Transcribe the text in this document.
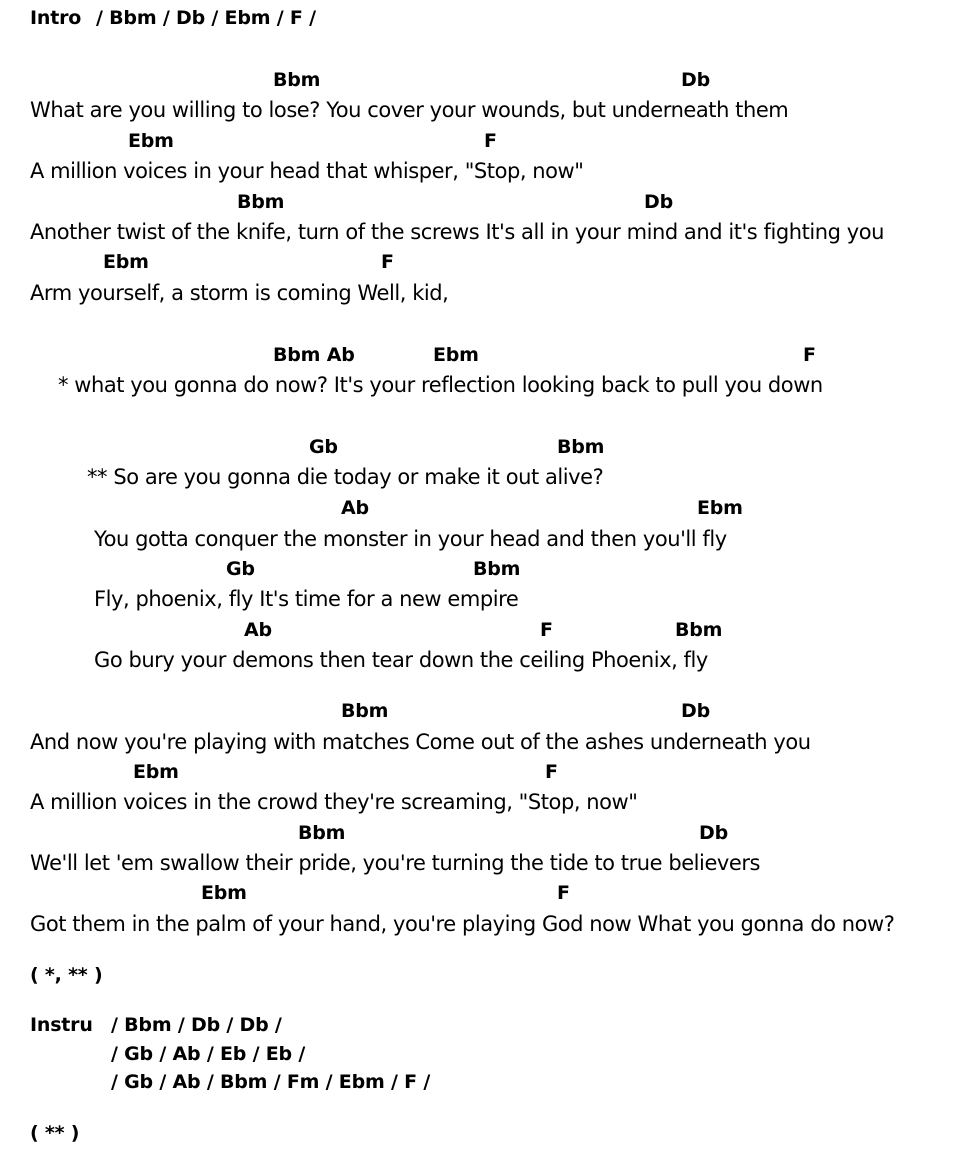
Intro / Bbm / Db / Ebm / F /
Bbm	Db
What are you willing to lose? You cover your wounds, but underneath them
Ebm	F
A million voices in your head that whisper, "Stop, now"
Bbm	Db
Another twist of the knife, turn of the screws It's all in your mind and it's fighting you
Ebm	F
Arm yourself, a storm is coming Well, kid,
Bbm Ab	Ebm	F
* what you gonna do now? It's your reflection looking back to pull you down
Gb	Bbm
** So are you gonna die today or make it out alive?
Ab	Ebm
You gotta conquer the monster in your head and then you'll fly
Gb	Bbm
Fly, phoenix, fly It's time for a new empire
Ab	F	Bbm
Go bury your demons then tear down the ceiling Phoenix, fly
Bbm	Db
And now you're playing with matches Come out of the ashes underneath you
Ebm	F
A million voices in the crowd they're screaming, "Stop, now"
Bbm	Db
We'll let 'em swallow their pride, you're turning the tide to true believers
Ebm	F
Got them in the palm of your hand, you're playing God now What you gonna do now?
( *, ** )
Instru / Bbm / Db / Db /
/ Gb / Ab / Eb / Eb /
/ Gb / Ab / Bbm / Fm / Ebm / F /
( ** )
